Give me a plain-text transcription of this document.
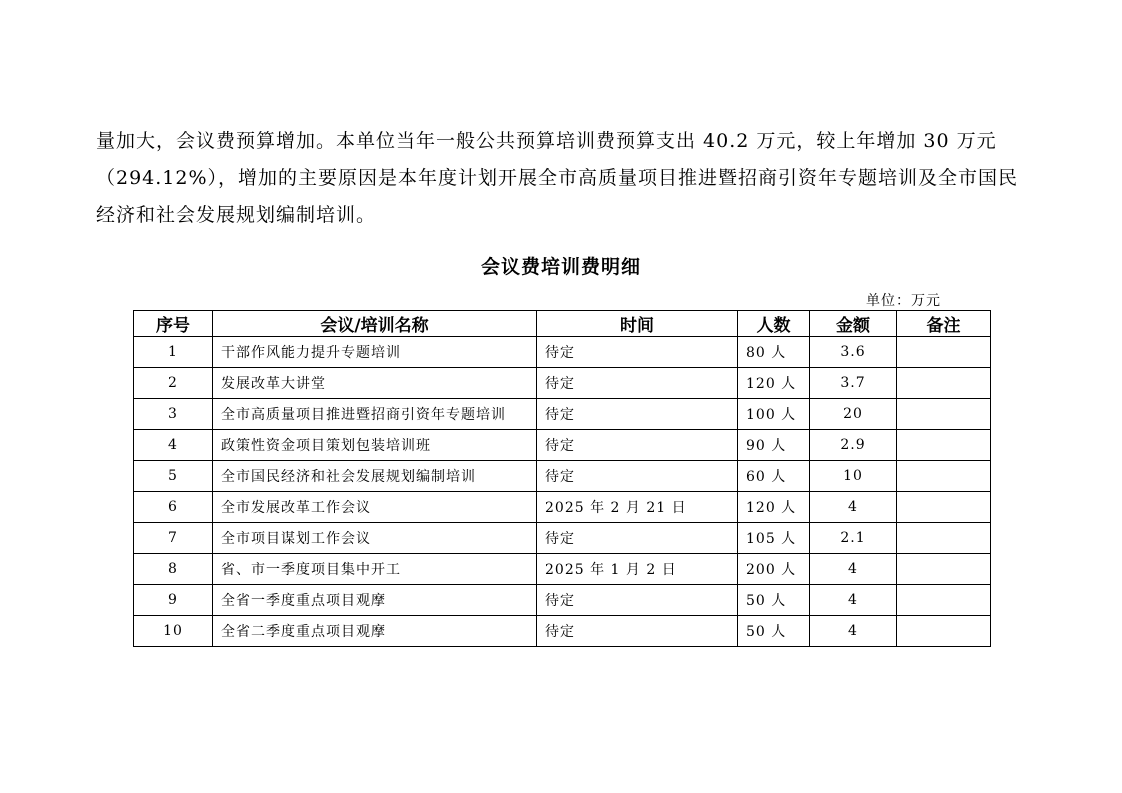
量加大，会议费预算增加。本单位当年一般公共预算培训费预算支出 40.2 万元，较上年增加 30 万元（294.12%），增加的主要原因是本年度计划开展全市高质量项目推进暨招商引资年专题培训及全市国民经济和社会发展规划编制培训。

会议费培训费明细
单位：万元
序号	会议/培训名称	时间	人数	金额	备注
1	干部作风能力提升专题培训	待定	80 人	3.6	
2	发展改革大讲堂	待定	120 人	3.7	
3	全市高质量项目推进暨招商引资年专题培训	待定	100 人	20	
4	政策性资金项目策划包装培训班	待定	90 人	2.9	
5	全市国民经济和社会发展规划编制培训	待定	60 人	10	
6	全市发展改革工作会议	2025 年 2 月 21 日	120 人	4	
7	全市项目谋划工作会议	待定	105 人	2.1	
8	省、市一季度项目集中开工	2025 年 1 月 2 日	200 人	4	
9	全省一季度重点项目观摩	待定	50 人	4	
10	全省二季度重点项目观摩	待定	50 人	4	
